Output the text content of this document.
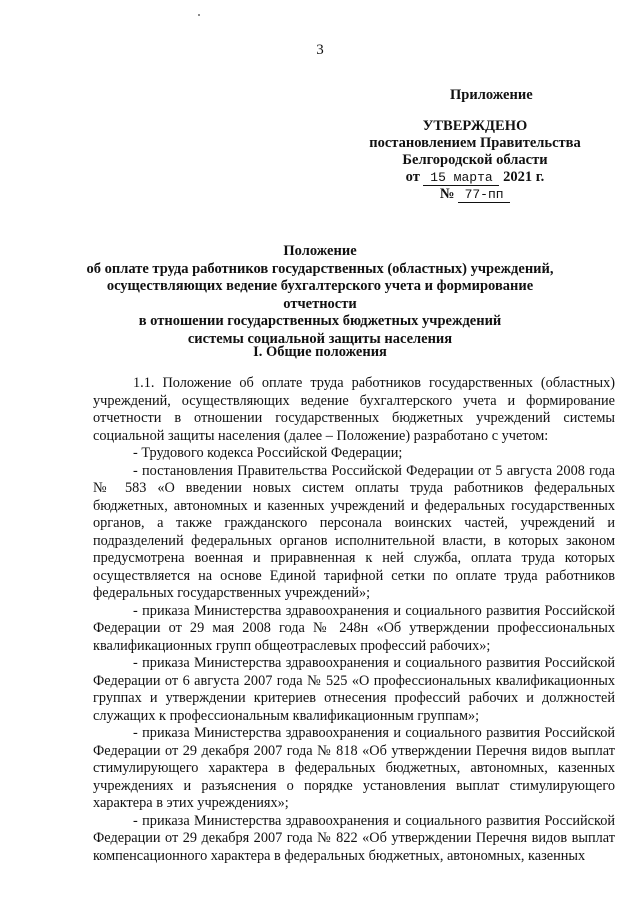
3
Приложение
УТВЕРЖДЕНО
постановлением Правительства
Белгородской области
от 15 марта 2021 г.
№ 77-пп
Положение
об оплате труда работников государственных (областных) учреждений,
осуществляющих ведение бухгалтерского учета и формирование отчетности
в отношении государственных бюджетных учреждений
системы социальной защиты населения
I. Общие положения

1.1. Положение об оплате труда работников государственных (областных) учреждений, осуществляющих ведение бухгалтерского учета и формирование отчетности в отношении государственных бюджетных учреждений системы социальной защиты населения (далее – Положение) разработано с учетом:

- Трудового кодекса Российской Федерации;

- постановления Правительства Российской Федерации от 5 августа 2008 года № 583 «О введении новых систем оплаты труда работников федеральных бюджетных, автономных и казенных учреждений и федеральных государственных органов, а также гражданского персонала воинских частей, учреждений и подразделений федеральных органов исполнительной власти, в которых законом предусмотрена военная и приравненная к ней служба, оплата труда которых осуществляется на основе Единой тарифной сетки по оплате труда работников федеральных государственных учреждений»;

- приказа Министерства здравоохранения и социального развития Российской Федерации от 29 мая 2008 года № 248н «Об утверждении профессиональных квалификационных групп общеотраслевых профессий рабочих»;

- приказа Министерства здравоохранения и социального развития Российской Федерации от 6 августа 2007 года № 525 «О профессиональных квалификационных группах и утверждении критериев отнесения профессий рабочих и должностей служащих к профессиональным квалификационным группам»;

- приказа Министерства здравоохранения и социального развития Российской Федерации от 29 декабря 2007 года № 818 «Об утверждении Перечня видов выплат стимулирующего характера в федеральных бюджетных, автономных, казенных учреждениях и разъяснения о порядке установления выплат стимулирующего характера в этих учреждениях»;

- приказа Министерства здравоохранения и социального развития Российской Федерации от 29 декабря 2007 года № 822 «Об утверждении Перечня видов выплат компенсационного характера в федеральных бюджетных, автономных, казенных
